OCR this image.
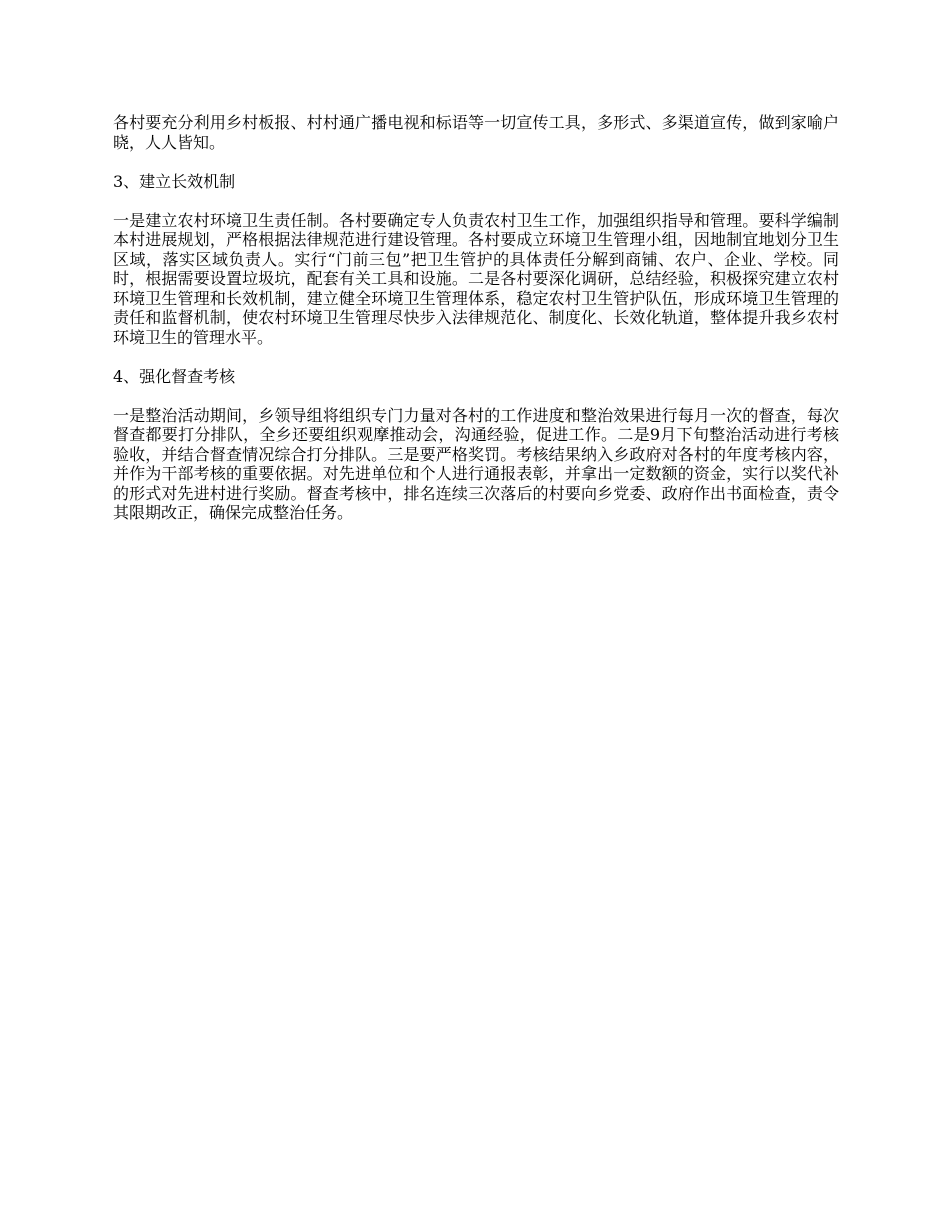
各村要充分利用乡村板报、村村通广播电视和标语等一切宣传工具，多形式、多渠道宣传，做到家喻户晓，人人皆知。

3、建立长效机制

一是建立农村环境卫生责任制。各村要确定专人负责农村卫生工作，加强组织指导和管理。要科学编制本村进展规划，严格根据法律规范进行建设管理。各村要成立环境卫生管理小组，因地制宜地划分卫生区域，落实区域负责人。实行“门前三包”把卫生管护的具体责任分解到商铺、农户、企业、学校。同时，根据需要设置垃圾坑，配套有关工具和设施。二是各村要深化调研，总结经验，积极探究建立农村环境卫生管理和长效机制，建立健全环境卫生管理体系，稳定农村卫生管护队伍，形成环境卫生管理的责任和监督机制，使农村环境卫生管理尽快步入法律规范化、制度化、长效化轨道，整体提升我乡农村环境卫生的管理水平。

4、强化督查考核

一是整治活动期间，乡领导组将组织专门力量对各村的工作进度和整治效果进行每月一次的督查，每次督查都要打分排队，全乡还要组织观摩推动会，沟通经验，促进工作。二是9月下旬整治活动进行考核验收，并结合督查情况综合打分排队。三是要严格奖罚。考核结果纳入乡政府对各村的年度考核内容，并作为干部考核的重要依据。对先进单位和个人进行通报表彰，并拿出一定数额的资金，实行以奖代补的形式对先进村进行奖励。督查考核中，排名连续三次落后的村要向乡党委、政府作出书面检查，责令其限期改正，确保完成整治任务。
